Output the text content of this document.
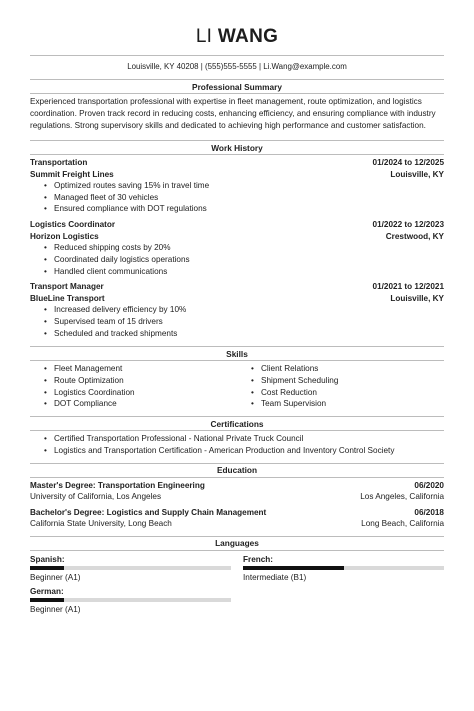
LI WANG
Louisville, KY 40208 | (555)555-5555 | Li.Wang@example.com
Professional Summary
Experienced transportation professional with expertise in fleet management, route optimization, and logistics coordination. Proven track record in reducing costs, enhancing efficiency, and ensuring compliance with industry regulations. Strong supervisory skills and dedicated to achieving high performance and customer satisfaction.
Work History
Transportation	01/2024 to 12/2025
Summit Freight Lines	Louisville, KY
• Optimized routes saving 15% in travel time
• Managed fleet of 30 vehicles
• Ensured compliance with DOT regulations
Logistics Coordinator	01/2022 to 12/2023
Horizon Logistics	Crestwood, KY
• Reduced shipping costs by 20%
• Coordinated daily logistics operations
• Handled client communications
Transport Manager	01/2021 to 12/2021
BlueLine Transport	Louisville, KY
• Increased delivery efficiency by 10%
• Supervised team of 15 drivers
• Scheduled and tracked shipments
Skills
• Fleet Management
• Route Optimization
• Logistics Coordination
• DOT Compliance
• Client Relations
• Shipment Scheduling
• Cost Reduction
• Team Supervision
Certifications
• Certified Transportation Professional - National Private Truck Council
• Logistics and Transportation Certification - American Production and Inventory Control Society
Education
Master's Degree: Transportation Engineering	06/2020
University of California, Los Angeles	Los Angeles, California
Bachelor's Degree: Logistics and Supply Chain Management	06/2018
California State University, Long Beach	Long Beach, California
Languages
Spanish:
Beginner (A1)
German:
Beginner (A1)
French:
Intermediate (B1)
